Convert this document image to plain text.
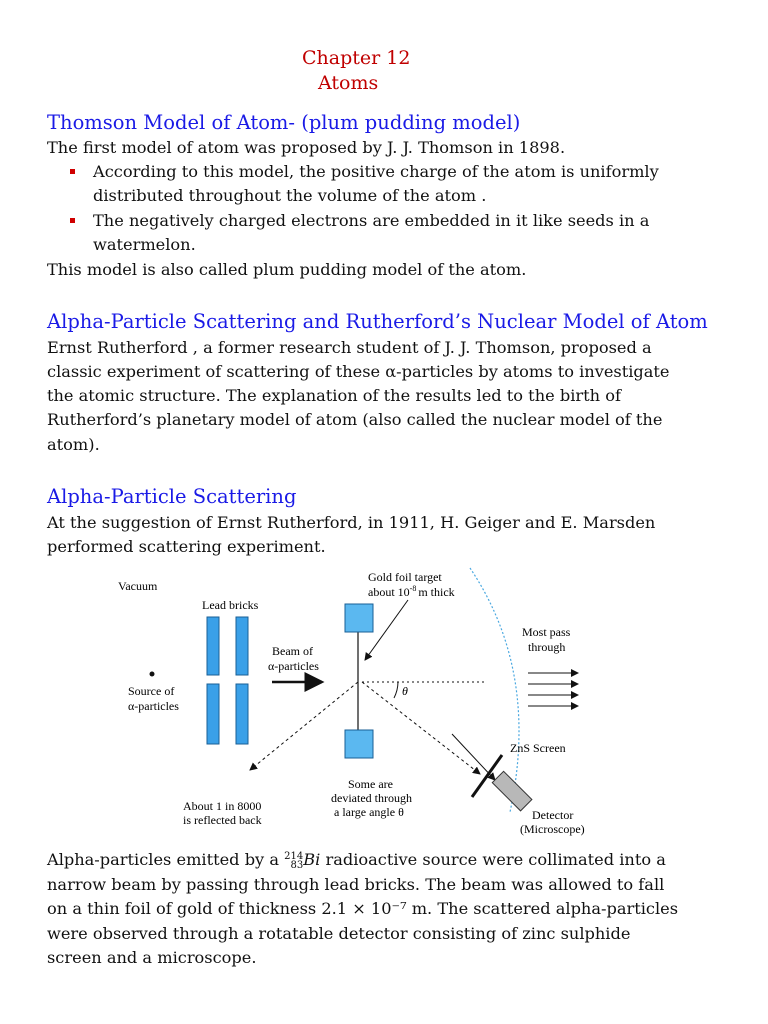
Chapter 12
Atoms
Thomson Model of Atom- (plum pudding model)
The first model of atom was proposed by J. J. Thomson in 1898.
According to this model, the positive charge of the atom is uniformly
distributed throughout the volume of the atom .
The negatively charged electrons are embedded in it like seeds in a
watermelon.
This model is also called plum pudding model of the atom.
Alpha-Particle Scattering and Rutherford’s Nuclear Model of Atom
Ernst Rutherford , a former research student of J. J. Thomson, proposed a
classic experiment of scattering of these α-particles by atoms to investigate
the atomic structure. The explanation of the results led to the birth of
Rutherford’s planetary model of atom (also called the nuclear model of the
atom).
Alpha-Particle Scattering
At the suggestion of Ernst Rutherford, in 1911, H. Geiger and E. Marsden
performed scattering experiment.
Vacuum
Lead bricks
Source of
α-particles
Beam of
α-particles
Gold foil target
about $10^{-8}$ m thick
θ
Most pass
through
ZnS Screen
Detector
(Microscope)
Some are
deviated through
a large angle θ
About 1 in 8000
is reflected back
Alpha-particles emitted by a 214
83 Bi radioactive source were collimated into a
narrow beam by passing through lead bricks. The beam was allowed to fall
on a thin foil of gold of thickness 2.1 × 10⁻⁷ m. The scattered alpha-particles
were observed through a rotatable detector consisting of zinc sulphide
screen and a microscope.
